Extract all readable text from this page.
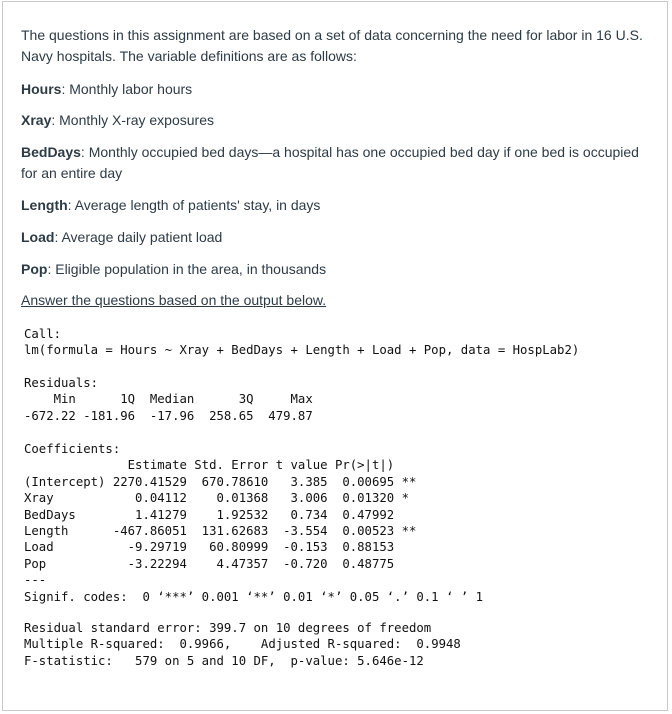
The questions in this assignment are based on a set of data concerning the need for labor in 16 U.S. Navy hospitals. The variable definitions are as follows:

Hours: Monthly labor hours

Xray: Monthly X-ray exposures

BedDays: Monthly occupied bed days—a hospital has one occupied bed day if one bed is occupied for an entire day

Length: Average length of patients' stay, in days

Load: Average daily patient load

Pop: Eligible population in the area, in thousands

Answer the questions based on the output below.

Call:
lm(formula = Hours ~ Xray + BedDays + Length + Load + Pop, data = HospLab2)
Residuals:
Min      1Q  Median      3Q     Max
-672.22 -181.96  -17.96  258.65  479.87
Coefficients:
Estimate Std. Error t value Pr(>|t|)
(Intercept) 2270.41529  670.78610   3.385  0.00695 **
Xray           0.04112    0.01368   3.006  0.01320 *
BedDays        1.41279    1.92532   0.734  0.47992
Length      -467.86051  131.62683  -3.554  0.00523 **
Load          -9.29719   60.80999  -0.153  0.88153
Pop           -3.22294    4.47357  -0.720  0.48775
---
Signif. codes:  0 ‘***’ 0.001 ‘**’ 0.01 ‘*’ 0.05 ‘.’ 0.1 ‘ ’ 1
Residual standard error: 399.7 on 10 degrees of freedom
Multiple R-squared:  0.9966,	Adjusted R-squared:  0.9948
F-statistic:   579 on 5 and 10 DF,  p-value: 5.646e-12
